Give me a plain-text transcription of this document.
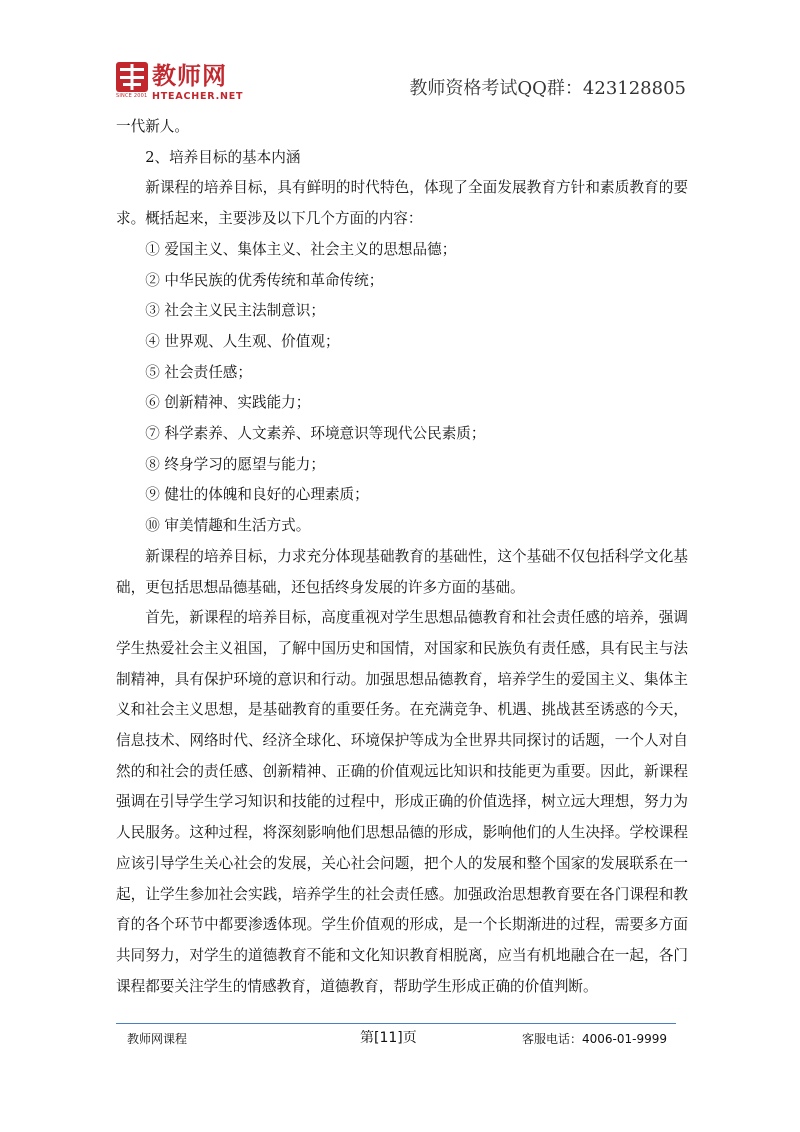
SINCE 2001
教师网
HTEACHER.NET	教师资格考试QQ群：423128805

一代新人。

2、培养目标的基本内涵

新课程的培养目标，具有鲜明的时代特色，体现了全面发展教育方针和素质教育的要求。概括起来，主要涉及以下几个方面的内容：

① 爱国主义、集体主义、社会主义的思想品德；

② 中华民族的优秀传统和革命传统；

③ 社会主义民主法制意识；

④ 世界观、人生观、价值观；

⑤ 社会责任感；

⑥ 创新精神、实践能力；

⑦ 科学素养、人文素养、环境意识等现代公民素质；

⑧ 终身学习的愿望与能力；

⑨ 健壮的体魄和良好的心理素质；

⑩ 审美情趣和生活方式。

新课程的培养目标，力求充分体现基础教育的基础性，这个基础不仅包括科学文化基础，更包括思想品德基础，还包括终身发展的许多方面的基础。

首先，新课程的培养目标，高度重视对学生思想品德教育和社会责任感的培养，强调学生热爱社会主义祖国，了解中国历史和国情，对国家和民族负有责任感，具有民主与法制精神，具有保护环境的意识和行动。加强思想品德教育，培养学生的爱国主义、集体主义和社会主义思想，是基础教育的重要任务。在充满竞争、机遇、挑战甚至诱惑的今天，信息技术、网络时代、经济全球化、环境保护等成为全世界共同探讨的话题，一个人对自然的和社会的责任感、创新精神、正确的价值观远比知识和技能更为重要。因此，新课程强调在引导学生学习知识和技能的过程中，形成正确的价值选择，树立远大理想，努力为人民服务。这种过程，将深刻影响他们思想品德的形成，影响他们的人生决择。学校课程应该引导学生关心社会的发展，关心社会问题，把个人的发展和整个国家的发展联系在一起，让学生参加社会实践，培养学生的社会责任感。加强政治思想教育要在各门课程和教育的各个环节中都要渗透体现。学生价值观的形成，是一个长期渐进的过程，需要多方面共同努力，对学生的道德教育不能和文化知识教育相脱离，应当有机地融合在一起，各门课程都要关注学生的情感教育，道德教育，帮助学生形成正确的价值判断。

教师网课程	第[11]页	客服电话：4006-01-9999
